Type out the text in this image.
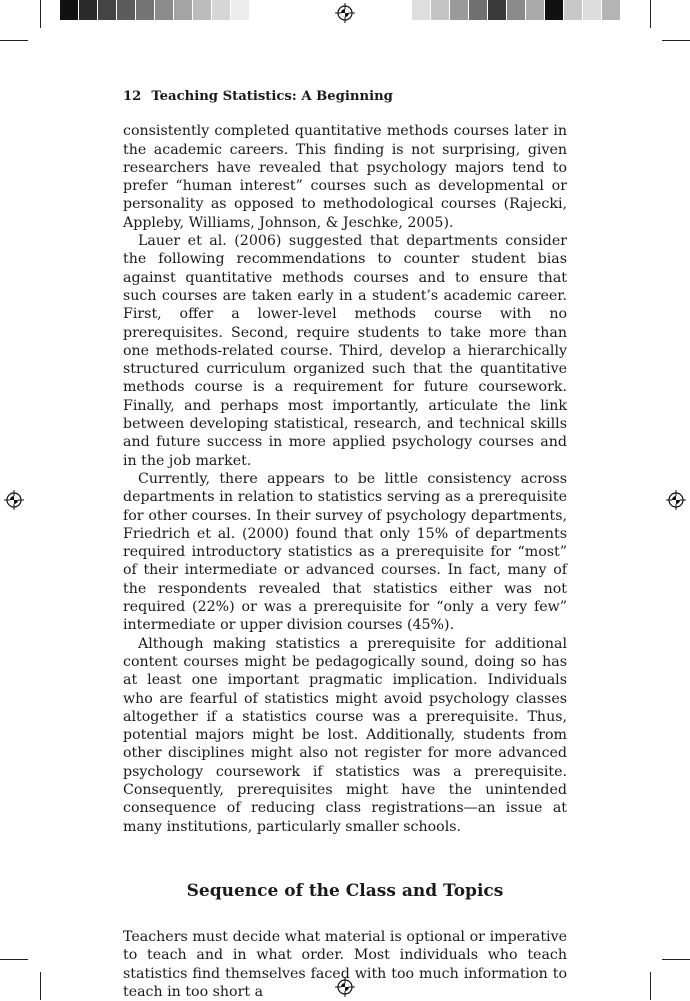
12 Teaching Statistics: A Beginning

consistently completed quantitative methods courses later in the academic careers. This finding is not surprising, given researchers have revealed that psychology majors tend to prefer “human interest” courses such as developmental or personality as opposed to methodological courses (Rajecki, Appleby, Williams, Johnson, & Jeschke, 2005).

Lauer et al. (2006) suggested that departments consider the following recommendations to counter student bias against quantitative methods courses and to ensure that such courses are taken early in a student’s academic career. First, offer a lower-level methods course with no prerequisites. Second, require students to take more than one methods-related course. Third, develop a hierarchically structured curriculum organized such that the quantitative methods course is a requirement for future coursework. Finally, and perhaps most importantly, articulate the link between developing statistical, research, and technical skills and future success in more applied psychology courses and in the job market.

Currently, there appears to be little consistency across departments in relation to statistics serving as a prerequisite for other courses. In their survey of psychology departments, Friedrich et al. (2000) found that only 15% of departments required introductory statistics as a prerequisite for “most” of their intermediate or advanced courses. In fact, many of the respondents revealed that statistics either was not required (22%) or was a prerequisite for “only a very few” intermediate or upper division courses (45%).

Although making statistics a prerequisite for additional content courses might be pedagogically sound, doing so has at least one important pragmatic implication. Individuals who are fearful of statistics might avoid psychology classes altogether if a statistics course was a prerequisite. Thus, potential majors might be lost. Additionally, students from other disciplines might also not register for more advanced psychology coursework if statistics was a prerequisite. Consequently, prerequisites might have the unintended consequence of reducing class registrations—an issue at many institutions, particularly smaller schools.

Sequence of the Class and Topics

Teachers must decide what material is optional or imperative to teach and in what order. Most individuals who teach statistics find themselves faced with too much information to teach in too short a
